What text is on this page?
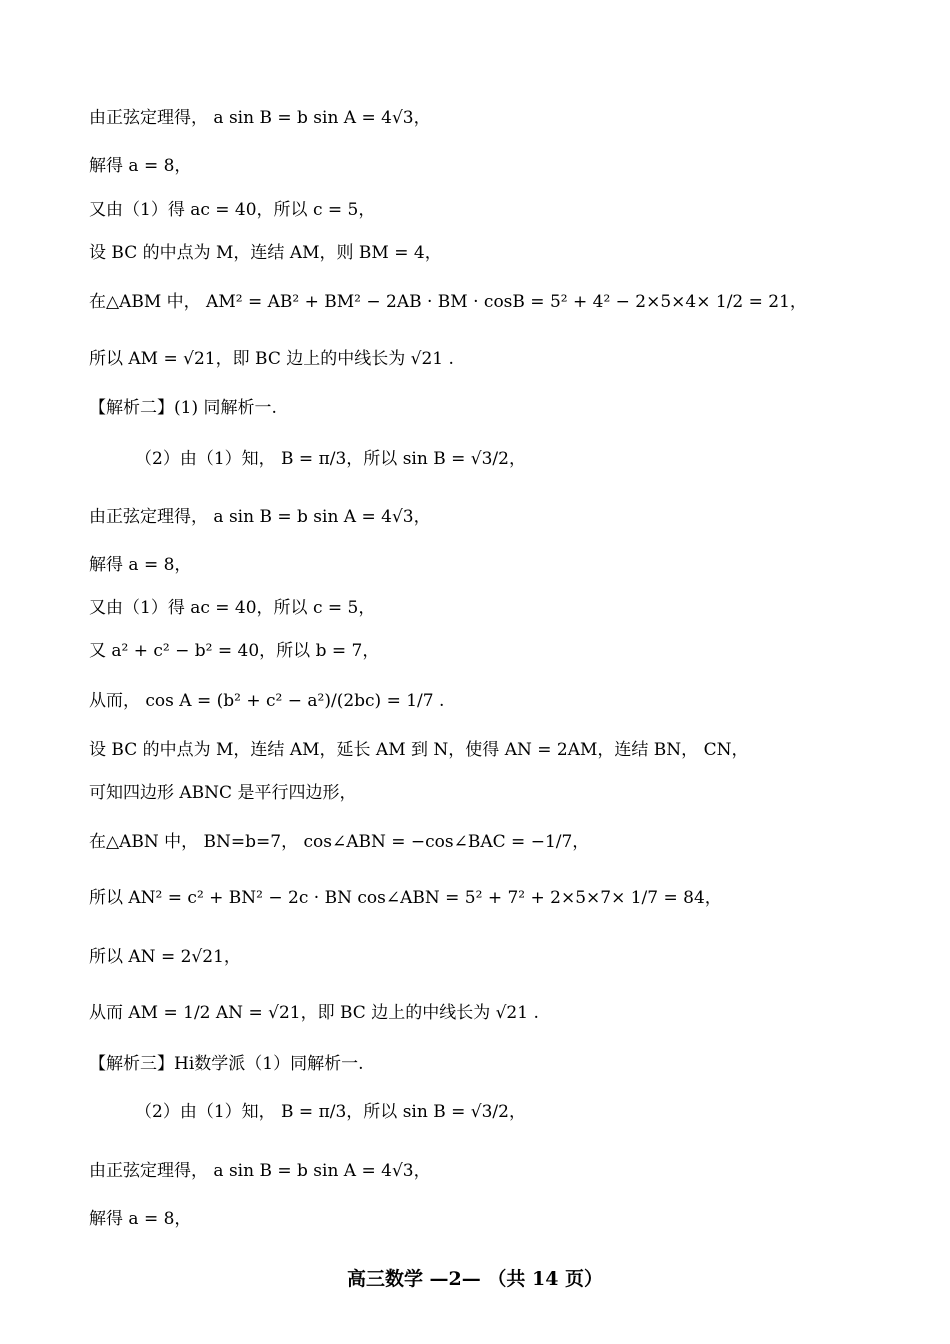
由正弦定理得， a sin B = b sin A = 4√3，
解得 a = 8，
又由（1）得 ac = 40，所以 c = 5，
设 BC 的中点为 M，连结 AM，则 BM = 4，
在△ABM 中， AM² = AB² + BM² − 2AB · BM · cosB = 5² + 4² − 2×5×4× 1/2 = 21，
所以 AM = √21，即 BC 边上的中线长为 √21 .
【解析二】(1) 同解析一.
（2）由（1）知， B = π/3，所以 sin B = √3/2，
由正弦定理得， a sin B = b sin A = 4√3，
解得 a = 8，
又由（1）得 ac = 40，所以 c = 5，
又 a² + c² − b² = 40，所以 b = 7，
从而， cos A = (b² + c² − a²)/(2bc) = 1/7 .
设 BC 的中点为 M，连结 AM，延长 AM 到 N，使得 AN = 2AM，连结 BN， CN，
可知四边形 ABNC 是平行四边形，
在△ABN 中， BN=b=7， cos∠ABN = −cos∠BAC = −1/7，
所以 AN² = c² + BN² − 2c · BN cos∠ABN = 5² + 7² + 2×5×7× 1/7 = 84，
所以 AN = 2√21，
从而 AM = 1/2 AN = √21，即 BC 边上的中线长为 √21 .
【解析三】Hi数学派（1）同解析一.
（2）由（1）知， B = π/3，所以 sin B = √3/2，
由正弦定理得， a sin B = b sin A = 4√3，
解得 a = 8，
高三数学 —2— （共 14 页）
